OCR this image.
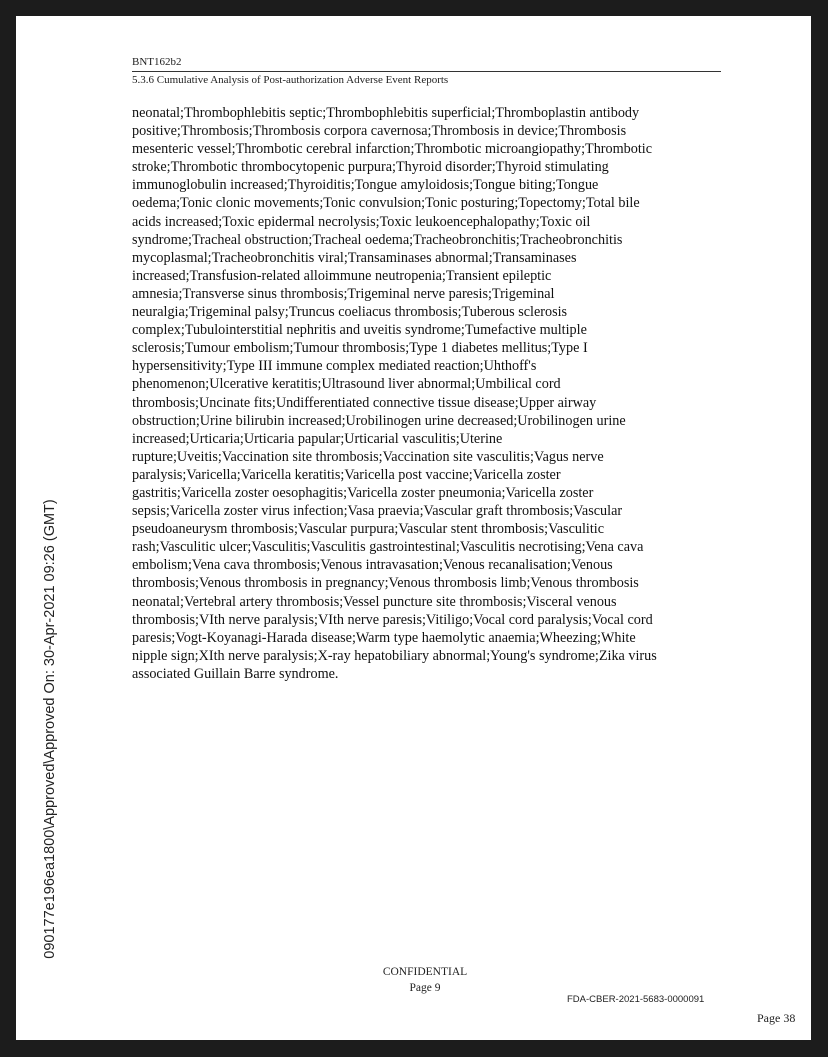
BNT162b2
5.3.6 Cumulative Analysis of Post-authorization Adverse Event Reports
neonatal;Thrombophlebitis septic;Thrombophlebitis superficial;Thromboplastin antibody
positive;Thrombosis;Thrombosis corpora cavernosa;Thrombosis in device;Thrombosis
mesenteric vessel;Thrombotic cerebral infarction;Thrombotic microangiopathy;Thrombotic
stroke;Thrombotic thrombocytopenic purpura;Thyroid disorder;Thyroid stimulating
immunoglobulin increased;Thyroiditis;Tongue amyloidosis;Tongue biting;Tongue
oedema;Tonic clonic movements;Tonic convulsion;Tonic posturing;Topectomy;Total bile
acids increased;Toxic epidermal necrolysis;Toxic leukoencephalopathy;Toxic oil
syndrome;Tracheal obstruction;Tracheal oedema;Tracheobronchitis;Tracheobronchitis
mycoplasmal;Tracheobronchitis viral;Transaminases abnormal;Transaminases
increased;Transfusion-related alloimmune neutropenia;Transient epileptic
amnesia;Transverse sinus thrombosis;Trigeminal nerve paresis;Trigeminal
neuralgia;Trigeminal palsy;Truncus coeliacus thrombosis;Tuberous sclerosis
complex;Tubulointerstitial nephritis and uveitis syndrome;Tumefactive multiple
sclerosis;Tumour embolism;Tumour thrombosis;Type 1 diabetes mellitus;Type I
hypersensitivity;Type III immune complex mediated reaction;Uhthoff's
phenomenon;Ulcerative keratitis;Ultrasound liver abnormal;Umbilical cord
thrombosis;Uncinate fits;Undifferentiated connective tissue disease;Upper airway
obstruction;Urine bilirubin increased;Urobilinogen urine decreased;Urobilinogen urine
increased;Urticaria;Urticaria papular;Urticarial vasculitis;Uterine
rupture;Uveitis;Vaccination site thrombosis;Vaccination site vasculitis;Vagus nerve
paralysis;Varicella;Varicella keratitis;Varicella post vaccine;Varicella zoster
gastritis;Varicella zoster oesophagitis;Varicella zoster pneumonia;Varicella zoster
sepsis;Varicella zoster virus infection;Vasa praevia;Vascular graft thrombosis;Vascular
pseudoaneurysm thrombosis;Vascular purpura;Vascular stent thrombosis;Vasculitic
rash;Vasculitic ulcer;Vasculitis;Vasculitis gastrointestinal;Vasculitis necrotising;Vena cava
embolism;Vena cava thrombosis;Venous intravasation;Venous recanalisation;Venous
thrombosis;Venous thrombosis in pregnancy;Venous thrombosis limb;Venous thrombosis
neonatal;Vertebral artery thrombosis;Vessel puncture site thrombosis;Visceral venous
thrombosis;VIth nerve paralysis;VIth nerve paresis;Vitiligo;Vocal cord paralysis;Vocal cord
paresis;Vogt-Koyanagi-Harada disease;Warm type haemolytic anaemia;Wheezing;White
nipple sign;XIth nerve paralysis;X-ray hepatobiliary abnormal;Young's syndrome;Zika virus
associated Guillain Barre syndrome.
090177e196ea1800\Approved\Approved On: 30-Apr-2021 09:26 (GMT)
CONFIDENTIAL
Page 9
FDA-CBER-2021-5683-0000091
Page 38
